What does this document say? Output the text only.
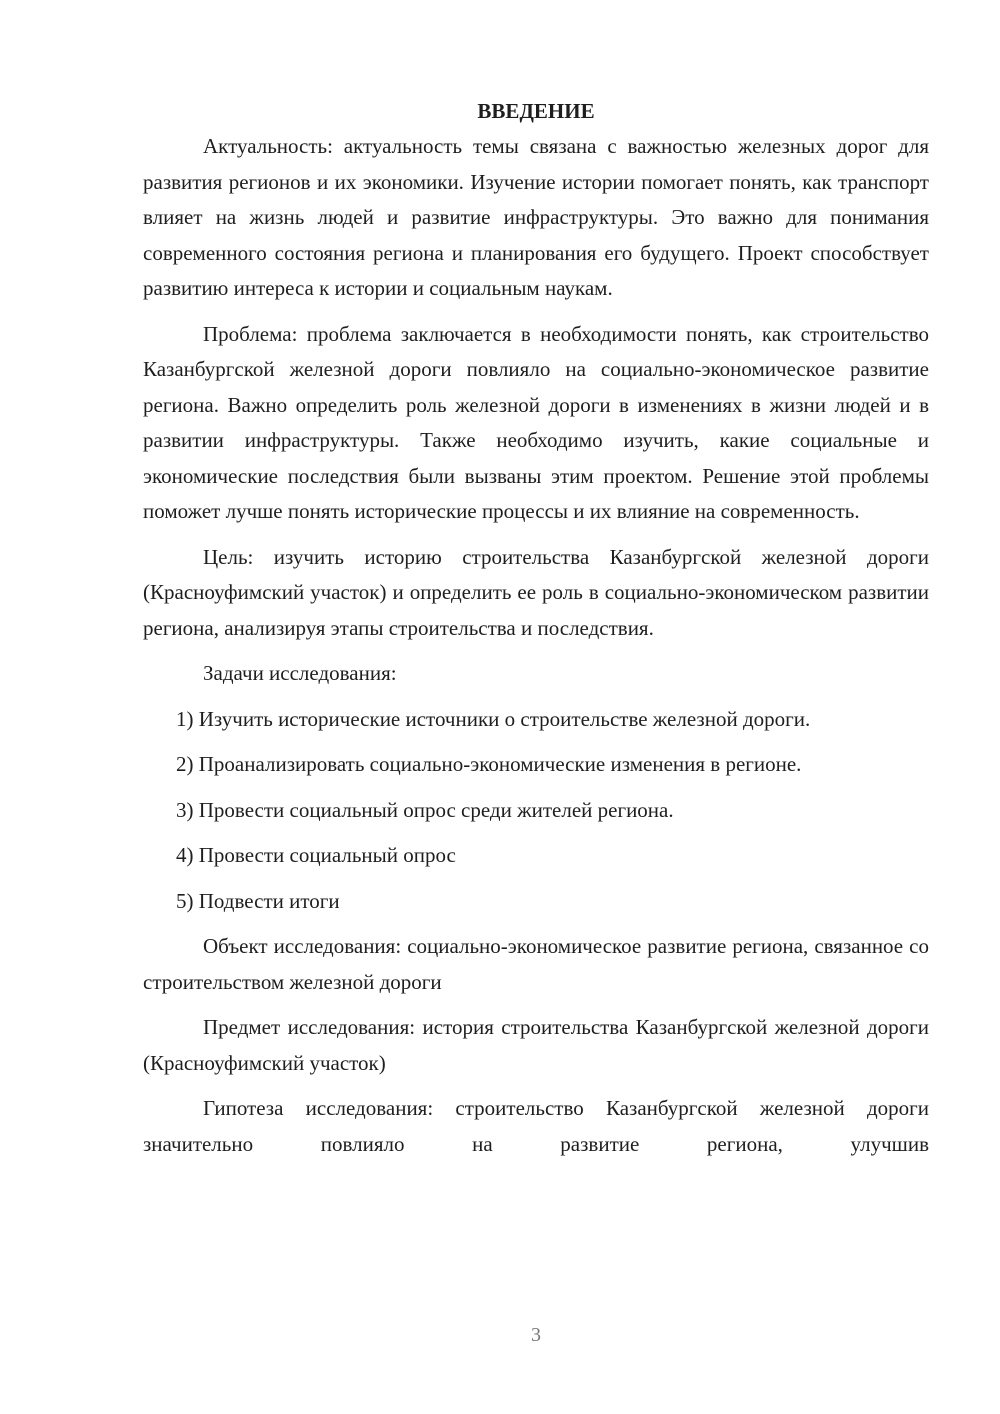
ВВЕДЕНИЕ

Актуальность: актуальность темы связана с важностью железных дорог для развития регионов и их экономики. Изучение истории помогает понять, как транспорт влияет на жизнь людей и развитие инфраструктуры. Это важно для понимания современного состояния региона и планирования его будущего. Проект способствует развитию интереса к истории и социальным наукам.

Проблема: проблема заключается в необходимости понять, как строительство Казанбургской железной дороги повлияло на социально-экономическое развитие региона. Важно определить роль железной дороги в изменениях в жизни людей и в развитии инфраструктуры. Также необходимо изучить, какие социальные и экономические последствия были вызваны этим проектом. Решение этой проблемы поможет лучше понять исторические процессы и их влияние на современность.

Цель: изучить историю строительства Казанбургской железной дороги (Красноуфимский участок) и определить ее роль в социально-экономическом развитии региона, анализируя этапы строительства и последствия.

Задачи исследования:

1) Изучить исторические источники о строительстве железной дороги.

2) Проанализировать социально-экономические изменения в регионе.

3) Провести социальный опрос среди жителей региона.

4) Провести социальный опрос

5) Подвести итоги

Объект исследования: социально-экономическое развитие региона, связанное со строительством железной дороги

Предмет исследования: история строительства Казанбургской железной дороги (Красноуфимский участок)

Гипотеза исследования: строительство Казанбургской железной дороги значительно повлияло на развитие региона, улучшив

3
